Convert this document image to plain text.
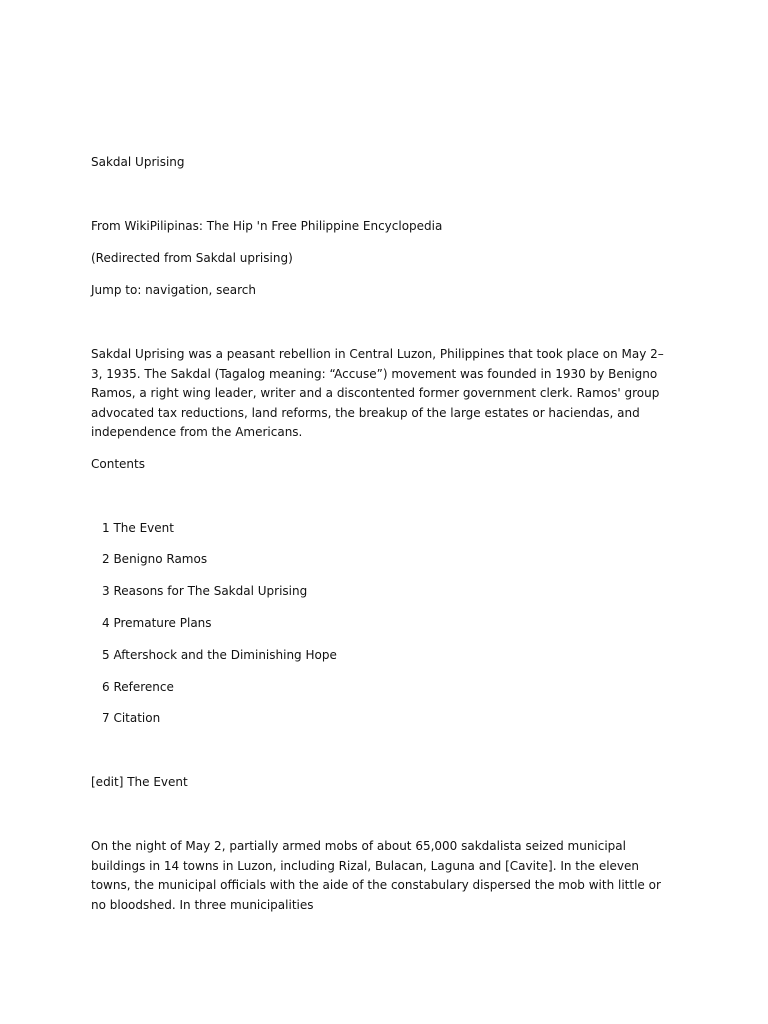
Sakdal Uprising
From WikiPilipinas: The Hip 'n Free Philippine Encyclopedia
(Redirected from Sakdal uprising)
Jump to: navigation, search
Sakdal Uprising was a peasant rebellion in Central Luzon, Philippines that took place on May 2–3, 1935. The Sakdal (Tagalog meaning: “Accuse”) movement was founded in 1930 by Benigno Ramos, a right wing leader, writer and a discontented former government clerk. Ramos' group advocated tax reductions, land reforms, the breakup of the large estates or haciendas, and independence from the Americans.
Contents
1 The Event
2 Benigno Ramos
3 Reasons for The Sakdal Uprising
4 Premature Plans
5 Aftershock and the Diminishing Hope
6 Reference
7 Citation
[edit] The Event
On the night of May 2, partially armed mobs of about 65,000 sakdalista seized municipal buildings in 14 towns in Luzon, including Rizal, Bulacan, Laguna and [Cavite]. In the eleven towns, the municipal officials with the aide of the constabulary dispersed the mob with little or no bloodshed. In three municipalities
